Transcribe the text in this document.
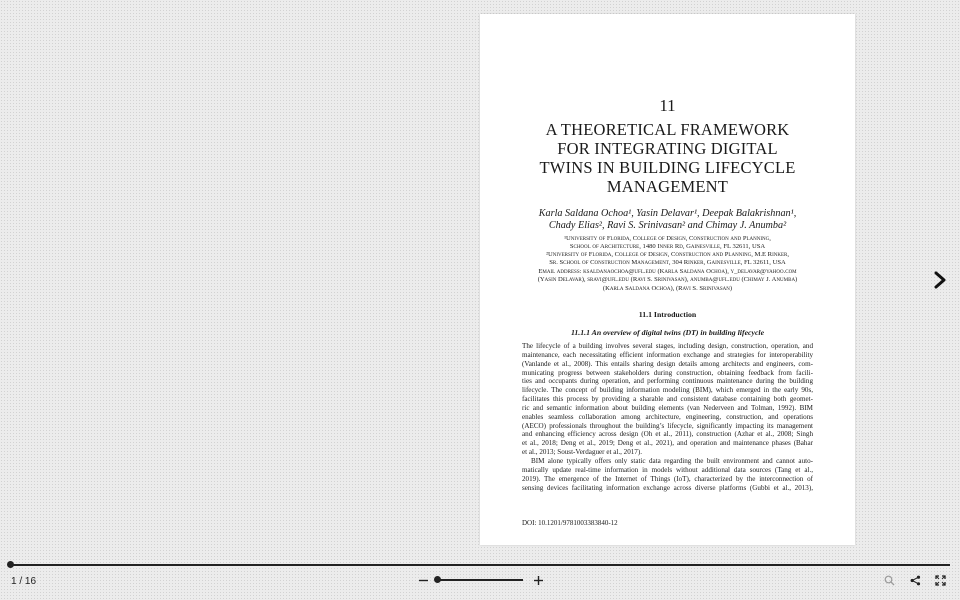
11
A THEORETICAL FRAMEWORK
FOR INTEGRATING DIGITAL
TWINS IN BUILDING LIFECYCLE
MANAGEMENT
Karla Saldana Ochoa¹, Yasin Delavar¹, Deepak Balakrishnan¹,
Chady Elias², Ravi S. Srinivasan² and Chimay J. Anumba²
¹University of Florida, College of Design, Construction and Planning,
School of Architecture, 1480 Inner Rd, Gainesville, FL 32611, USA
²University of Florida, College of Design, Construction and Planning, M.E Rinker,
Sr. School of Construction Management, 304 Rinker, Gainesville, FL 32611, USA
Email address: ksaldanaochoa@ufl.edu (Karla Saldana Ochoa), y_delavar@yahoo.com
(Yasin Delavar), sravi@ufl.edu (Ravi S. Srinivasan), anumba@ufl.edu (Chimay J. Anumba)
(Karla Saldana Ochoa), (Ravi S. Srinivasan)
11.1 Introduction
11.1.1 An overview of digital twins (DT) in building lifecycle
The lifecycle of a building involves several stages, including design, construction, operation, and
maintenance, each necessitating efficient information exchange and strategies for interoperability
(Vanlande et al., 2008). This entails sharing design details among architects and engineers, com-
municating progress between stakeholders during construction, obtaining feedback from facili-
ties and occupants during operation, and performing continuous maintenance during the building
lifecycle. The concept of building information modeling (BIM), which emerged in the early 90s,
facilitates this process by providing a sharable and consistent database containing both geomet-
ric and semantic information about building elements (van Nederveen and Tolman, 1992). BIM
enables seamless collaboration among architecture, engineering, construction, and operations
(AECO) professionals throughout the building’s lifecycle, significantly impacting its management
and enhancing efficiency across design (Oh et al., 2011), construction (Azhar et al., 2008; Singh
et al., 2018; Deng et al., 2019; Deng et al., 2021), and operation and maintenance phases (Bahar
et al., 2013; Soust-Verdaguer et al., 2017).
BIM alone typically offers only static data regarding the built environment and cannot auto-
matically update real-time information in models without additional data sources (Tang et al.,
2019). The emergence of the Internet of Things (IoT), characterized by the interconnection of
sensing devices facilitating information exchange across diverse platforms (Gubbi et al., 2013),
DOI: 10.1201/9781003383840-12
1 / 16
